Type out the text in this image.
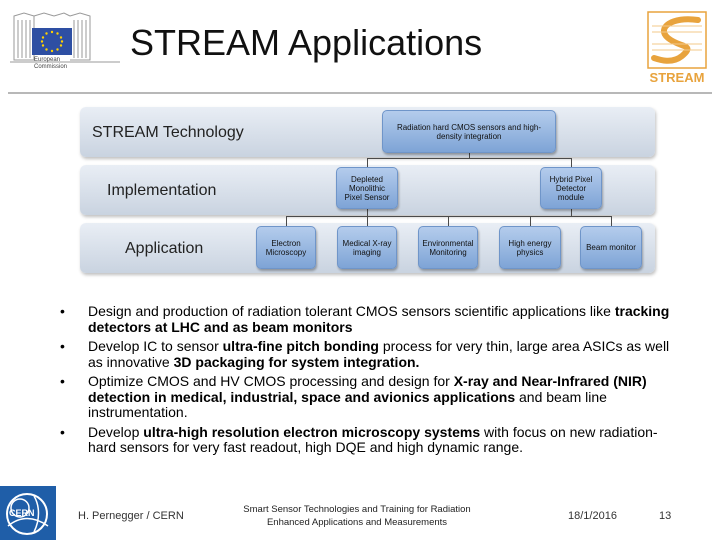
European
Commission
STREAM Applications
STREAM
STREAM Technology
Implementation
Application
Radiation hard CMOS sensors and high-density integration
Depleted Monolithic Pixel Sensor
Hybrid Pixel Detector module
Electron Microscopy
Medical X-ray imaging
Environmental Monitoring
High energy physics	Beam monitor
• Design and production of radiation tolerant CMOS sensors scientific applications like tracking detectors at LHC and as beam monitors
• Develop IC to sensor ultra-fine pitch bonding process for very thin, large area ASICs as well as innovative 3D packaging for system integration.
• Optimize CMOS and HV CMOS processing and design for X-ray and Near-Infrared (NIR) detection in medical, industrial, space and avionics applications and beam line instrumentation.
• Develop ultra-high resolution electron microscopy systems with focus on new radiation-hard sensors for very fast readout, high DQE and high dynamic range.
CERN	H. Pernegger / CERN
Smart Sensor Technologies and Training for Radiation
Enhanced Applications and Measurements
18/1/2016	13
